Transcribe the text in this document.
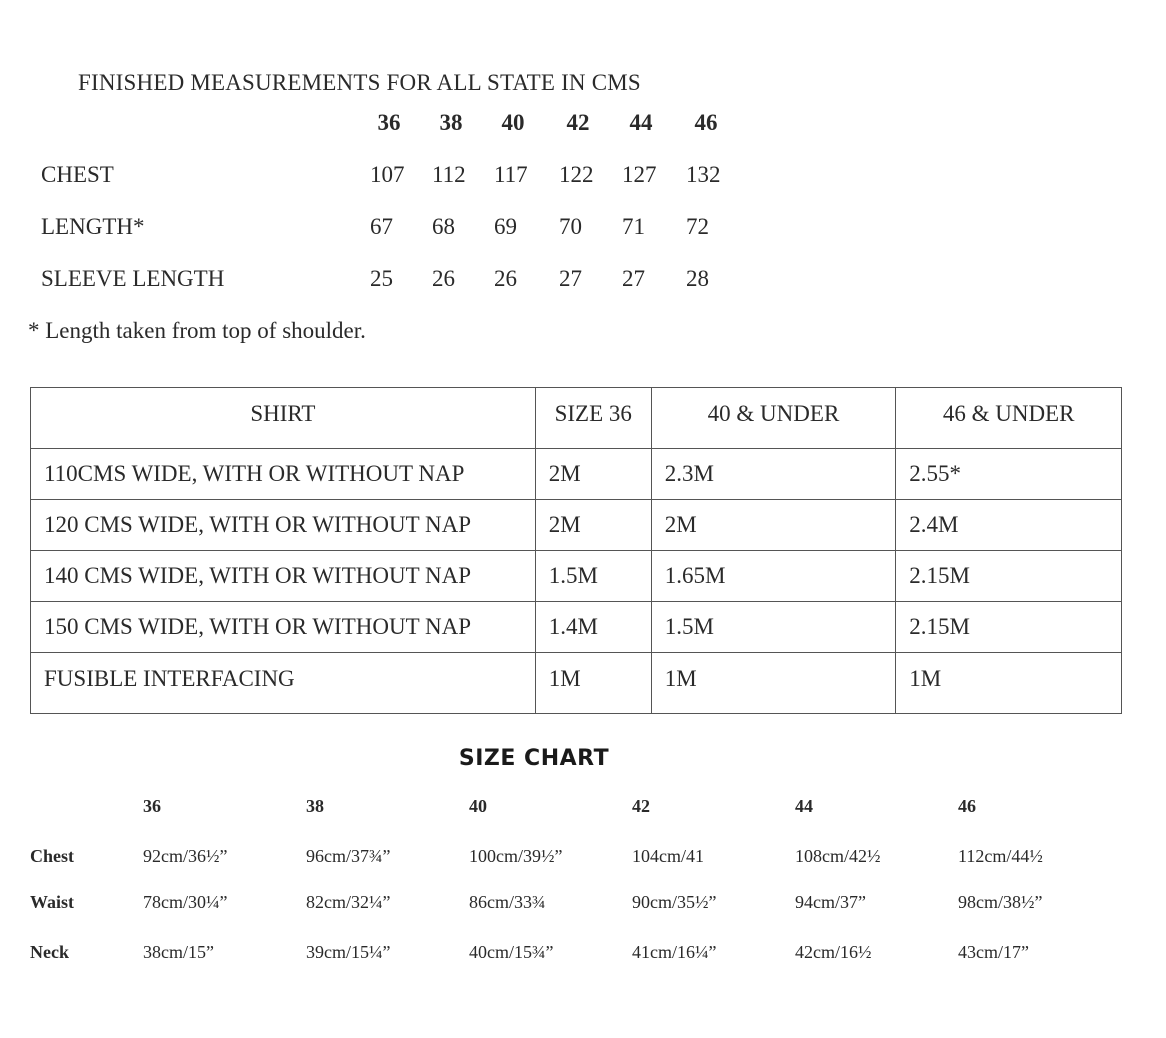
FINISHED MEASUREMENTS FOR ALL STATE IN CMS
36	38	40	42	44	46
CHEST	107	112	117	122	127	132
LENGTH*	67	68	69	70	71	72
SLEEVE LENGTH	25	26	26	27	27	28
* Length taken from top of shoulder.
SHIRT	SIZE 36	40 & UNDER	46 & UNDER
110CMS WIDE, WITH OR WITHOUT NAP	2M	2.3M	2.55*
120 CMS WIDE, WITH OR WITHOUT NAP	2M	2M	2.4M
140 CMS WIDE, WITH OR WITHOUT NAP	1.5M	1.65M	2.15M
150 CMS WIDE, WITH OR WITHOUT NAP	1.4M	1.5M	2.15M
FUSIBLE INTERFACING	1M	1M	1M
SIZE CHART
36	38	40	42	44	46
Chest	92cm/36½”	96cm/37¾”	100cm/39½”	104cm/41	108cm/42½	112cm/44½
Waist	78cm/30¼”	82cm/32¼”	86cm/33¾	90cm/35½”	94cm/37”	98cm/38½”
Neck	38cm/15”	39cm/15¼”	40cm/15¾”	41cm/16¼”	42cm/16½	43cm/17”
